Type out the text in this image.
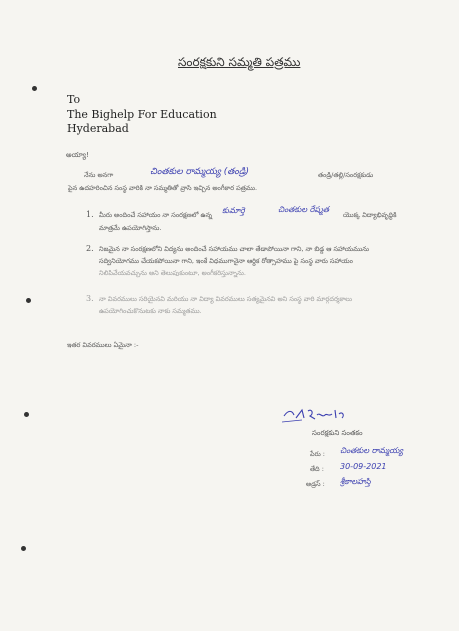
సంరక్షకుని సమ్మతి పత్రము
To
The Bighelp For Education
Hyderabad
అయ్యా!
నేను అనగా	చింతకుల రామ్మయ్య (తండ్రి)	తండ్రి/తల్లి/సంరక్షకుడు
పైన ఉదహరించిన సంస్థ వారికి నా సమ్మతితో వ్రాసి ఇచ్చిన అంగీకార పత్రము.
1. మీరు అందించే సహాయం నా సంరక్షణలో ఉన్న కుమార్తె	చింతకుల రేష్మత
యొక్క విద్యాభివృద్ధికి
మాత్రమే ఉపయోగిస్తాను.
2. నిజమైన నా సంరక్షణలోని విద్యను అందించే సహాయము చాలా తేడాపోయినా గాని, నా బిడ్డ ఆ సహాయమును
సద్వినియోగము చేయకపోయినా గాని, ఇంకే విధముగానైనా ఆర్థిక రోత్సాహము పై సంస్థ వారు సహాయం
నిలిపివేయవచ్చును అని తెలుపుకుంటూ, అంగీకరిస్తున్నాను.
3. నా వివరములు సరియైనవి మరియు నా విద్యా వివరములు సత్యమైనవి అని సంస్థ వారి మార్గదర్శకాలు
ఉపయోగించుకొనుటకు నాకు సమ్మతము.
ఇతర వివరములు ఏమైనా :-
సంరక్షకుని సంతకం
పేరు : చింతకుల రామ్మయ్య
తేది : 30-09-2021
అడ్రస్ : శ్రీకాలహస్తి
